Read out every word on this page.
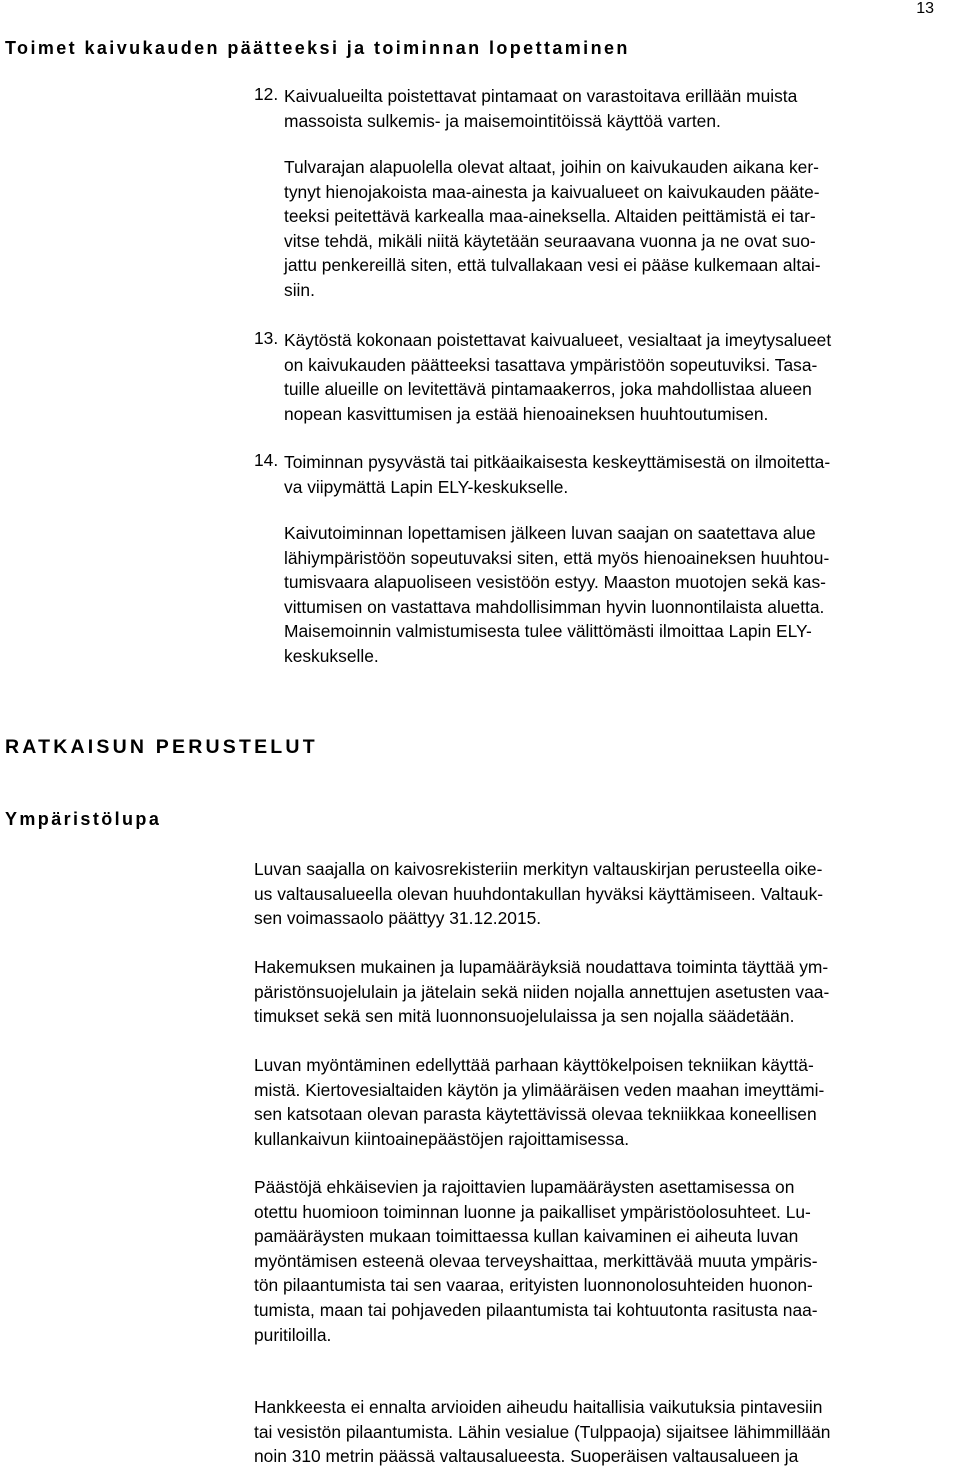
13
Toimet kaivukauden päätteeksi ja toiminnan lopettaminen
12. Kaivualueilta poistettavat pintamaat on varastoitava erillään muista
massoista sulkemis- ja maisemointitöissä käyttöä varten.
Tulvarajan alapuolella olevat altaat, joihin on kaivukauden aikana ker-
tynyt hienojakoista maa-ainesta ja kaivualueet on kaivukauden pääte-
teeksi peitettävä karkealla maa-aineksella. Altaiden peittämistä ei tar-
vitse tehdä, mikäli niitä käytetään seuraavana vuonna ja ne ovat suo-
jattu penkereillä siten, että tulvallakaan vesi ei pääse kulkemaan altai-
siin.
13. Käytöstä kokonaan poistettavat kaivualueet, vesialtaat ja imeytysalueet
on kaivukauden päätteeksi tasattava ympäristöön sopeutuviksi. Tasa-
tuille alueille on levitettävä pintamaakerros, joka mahdollistaa alueen
nopean kasvittumisen ja estää hienoaineksen huuhtoutumisen.
14. Toiminnan pysyvästä tai pitkäaikaisesta keskeyttämisestä on ilmoitetta-
va viipymättä Lapin ELY-keskukselle.
Kaivutoiminnan lopettamisen jälkeen luvan saajan on saatettava alue
lähiympäristöön sopeutuvaksi siten, että myös hienoaineksen huuhtou-
tumisvaara alapuoliseen vesistöön estyy. Maaston muotojen sekä kas-
vittumisen on vastattava mahdollisimman hyvin luonnontilaista aluetta.
Maisemoinnin valmistumisesta tulee välittömästi ilmoittaa Lapin ELY-
keskukselle.
RATKAISUN PERUSTELUT
Ympäristölupa
Luvan saajalla on kaivosrekisteriin merkityn valtauskirjan perusteella oike-
us valtausalueella olevan huuhdontakullan hyväksi käyttämiseen. Valtauk-
sen voimassaolo päättyy 31.12.2015.
Hakemuksen mukainen ja lupamääräyksiä noudattava toiminta täyttää ym-
päristönsuojelulain ja jätelain sekä niiden nojalla annettujen asetusten vaa-
timukset sekä sen mitä luonnonsuojelulaissa ja sen nojalla säädetään.
Luvan myöntäminen edellyttää parhaan käyttökelpoisen tekniikan käyttä-
mistä. Kiertovesialtaiden käytön ja ylimääräisen veden maahan imeyttämi-
sen katsotaan olevan parasta käytettävissä olevaa tekniikkaa koneellisen
kullankaivun kiintoainepäästöjen rajoittamisessa.
Päästöjä ehkäisevien ja rajoittavien lupamääräysten asettamisessa on
otettu huomioon toiminnan luonne ja paikalliset ympäristöolosuhteet. Lu-
pamääräysten mukaan toimittaessa kullan kaivaminen ei aiheuta luvan
myöntämisen esteenä olevaa terveyshaittaa, merkittävää muuta ympäris-
tön pilaantumista tai sen vaaraa, erityisten luonnonolosuhteiden huonon-
tumista, maan tai pohjaveden pilaantumista tai kohtuutonta rasitusta naa-
puritiloilla.
Hankkeesta ei ennalta arvioiden aiheudu haitallisia vaikutuksia pintavesiin
tai vesistön pilaantumista. Lähin vesialue (Tulppaoja) sijaitsee lähimmillään
noin 310 metrin päässä valtausalueesta. Suoperäisen valtausalueen ja
